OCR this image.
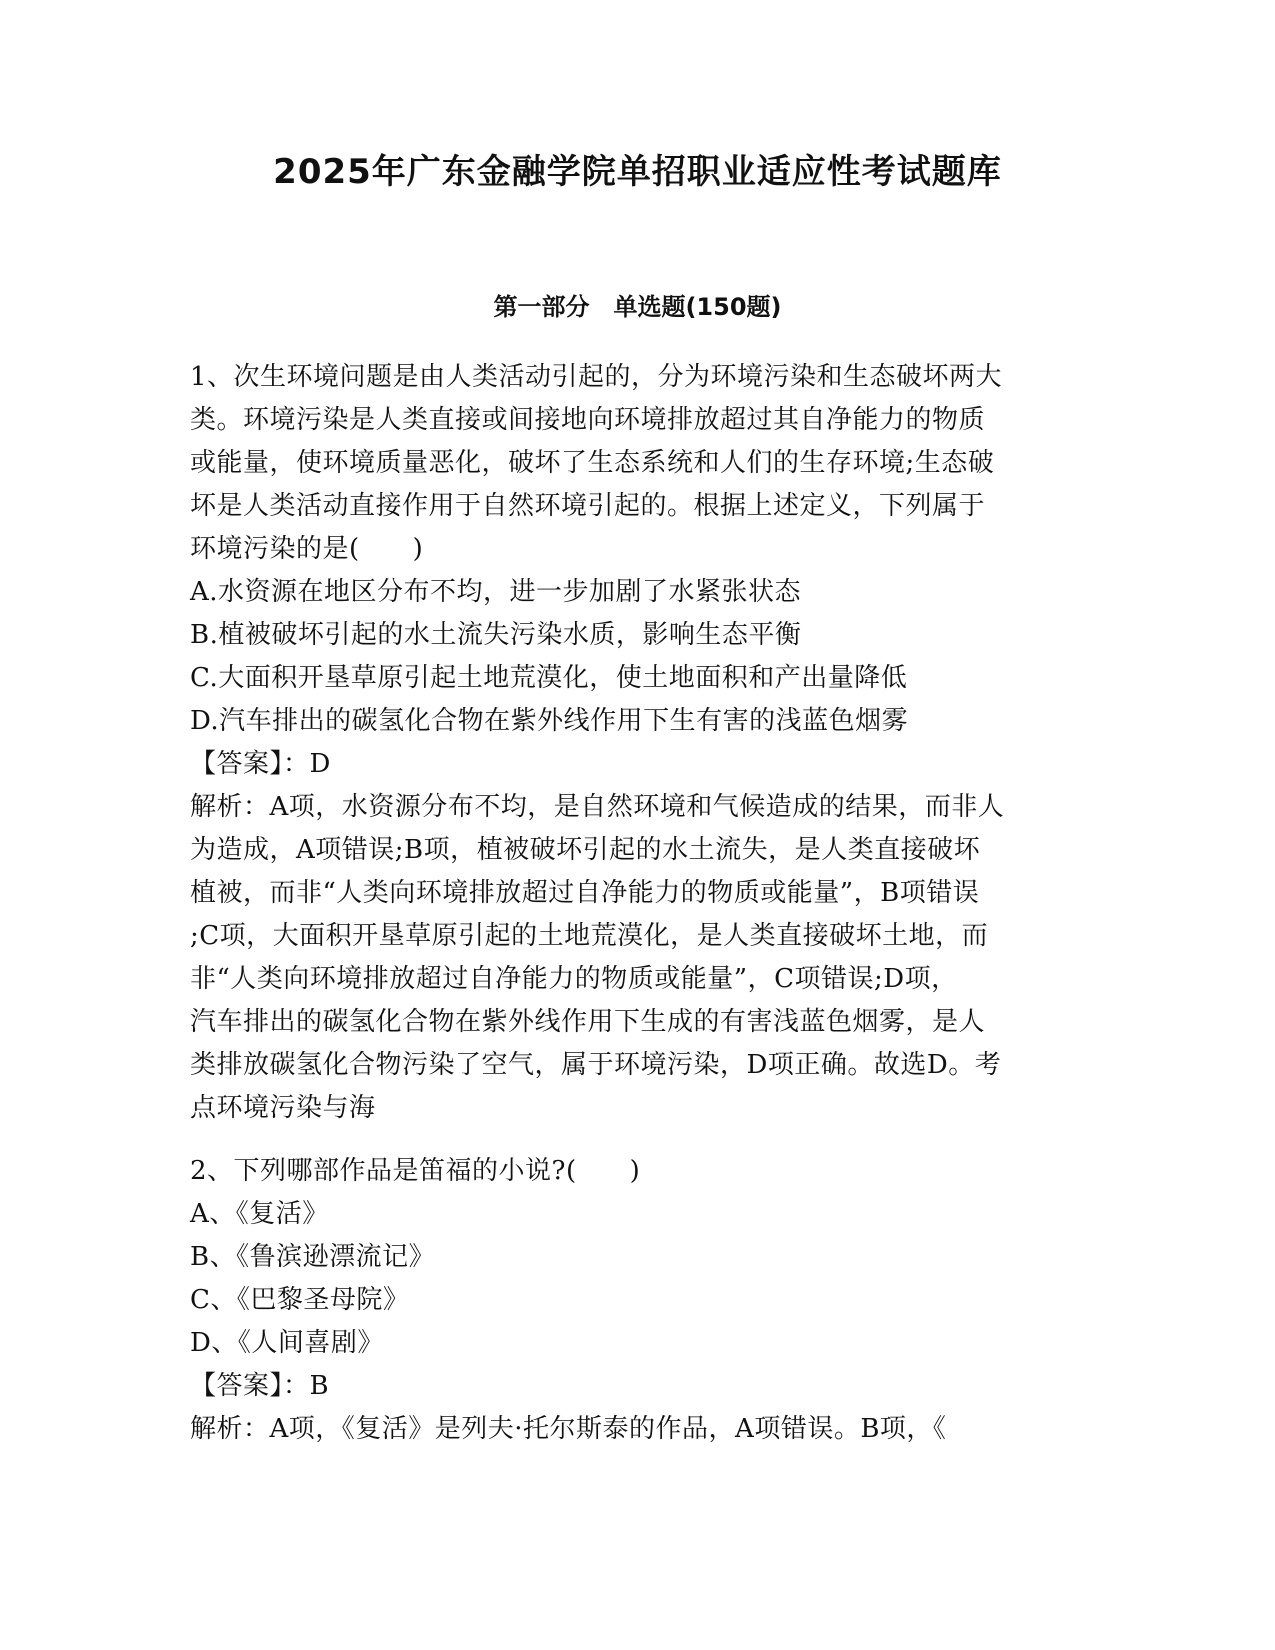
2025年广东金融学院单招职业适应性考试题库
第一部分　单选题(150题)
1、次生环境问题是由人类活动引起的，分为环境污染和生态破坏两大
类。环境污染是人类直接或间接地向环境排放超过其自净能力的物质
或能量，使环境质量恶化，破坏了生态系统和人们的生存环境;生态破
坏是人类活动直接作用于自然环境引起的。根据上述定义，下列属于
环境污染的是(　　)
A.水资源在地区分布不均，进一步加剧了水紧张状态
B.植被破坏引起的水土流失污染水质，影响生态平衡
C.大面积开垦草原引起土地荒漠化，使土地面积和产出量降低
D.汽车排出的碳氢化合物在紫外线作用下生有害的浅蓝色烟雾
【答案】：D
解析：A项，水资源分布不均，是自然环境和气候造成的结果，而非人
为造成，A项错误;B项，植被破坏引起的水土流失，是人类直接破坏
植被，而非“人类向环境排放超过自净能力的物质或能量”，B项错误
;C项，大面积开垦草原引起的土地荒漠化，是人类直接破坏土地，而
非“人类向环境排放超过自净能力的物质或能量”，C项错误;D项，
汽车排出的碳氢化合物在紫外线作用下生成的有害浅蓝色烟雾，是人
类排放碳氢化合物污染了空气，属于环境污染，D项正确。故选D。考
点环境污染与海
2、下列哪部作品是笛福的小说?(　　)
A、《复活》
B、《鲁滨逊漂流记》
C、《巴黎圣母院》
D、《人间喜剧》
【答案】：B
解析：A项，《复活》是列夫·托尔斯泰的作品，A项错误。B项，《
